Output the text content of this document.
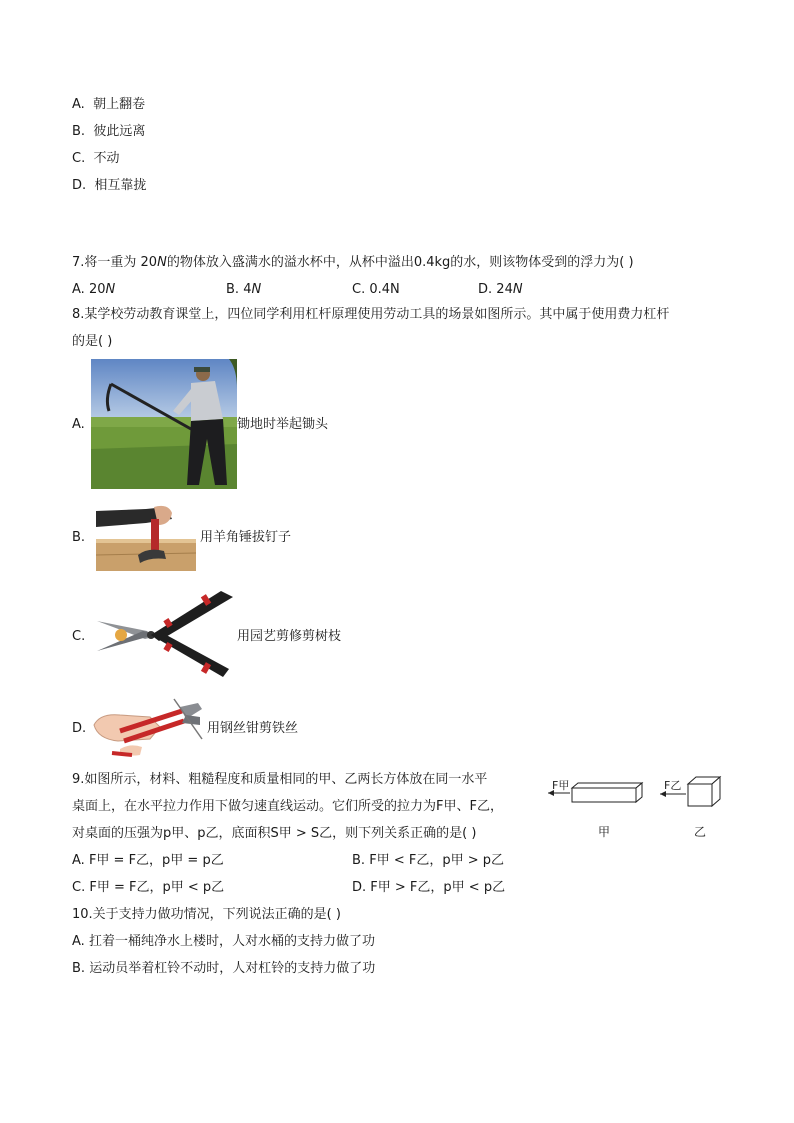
A. 朝上翻卷
B. 彼此远离
C. 不动
D. 相互靠拢
7.将一重为 20N的物体放入盛满水的溢水杯中，从杯中溢出0.4kg的水，则该物体受到的浮力为( )
A. 20N	B. 4N	C. 0.4N	D. 24N
8.某学校劳动教育课堂上，四位同学利用杠杆原理使用劳动工具的场景如图所示。其中属于使用费力杠杆
的是( )
A.	锄地时举起锄头
B.	用羊角锤拔钉子
C.	用园艺剪修剪树枝
D.	用钢丝钳剪铁丝
9.如图所示，材料、粗糙程度和质量相同的甲、乙两长方体放在同一水平
桌面上，在水平拉力作用下做匀速直线运动。它们所受的拉力为F甲、F乙，
对桌面的压强为p甲、p乙，底面积S甲 > S乙，则下列关系正确的是( )
A. F甲 = F乙，p甲 = p乙	B. F甲 < F乙，p甲 > p乙
C. F甲 = F乙，p甲 < p乙	D. F甲 > F乙，p甲 < p乙
F甲	F乙
甲	乙
10.关于支持力做功情况，下列说法正确的是( )
A. 扛着一桶纯净水上楼时，人对水桶的支持力做了功
B. 运动员举着杠铃不动时，人对杠铃的支持力做了功
